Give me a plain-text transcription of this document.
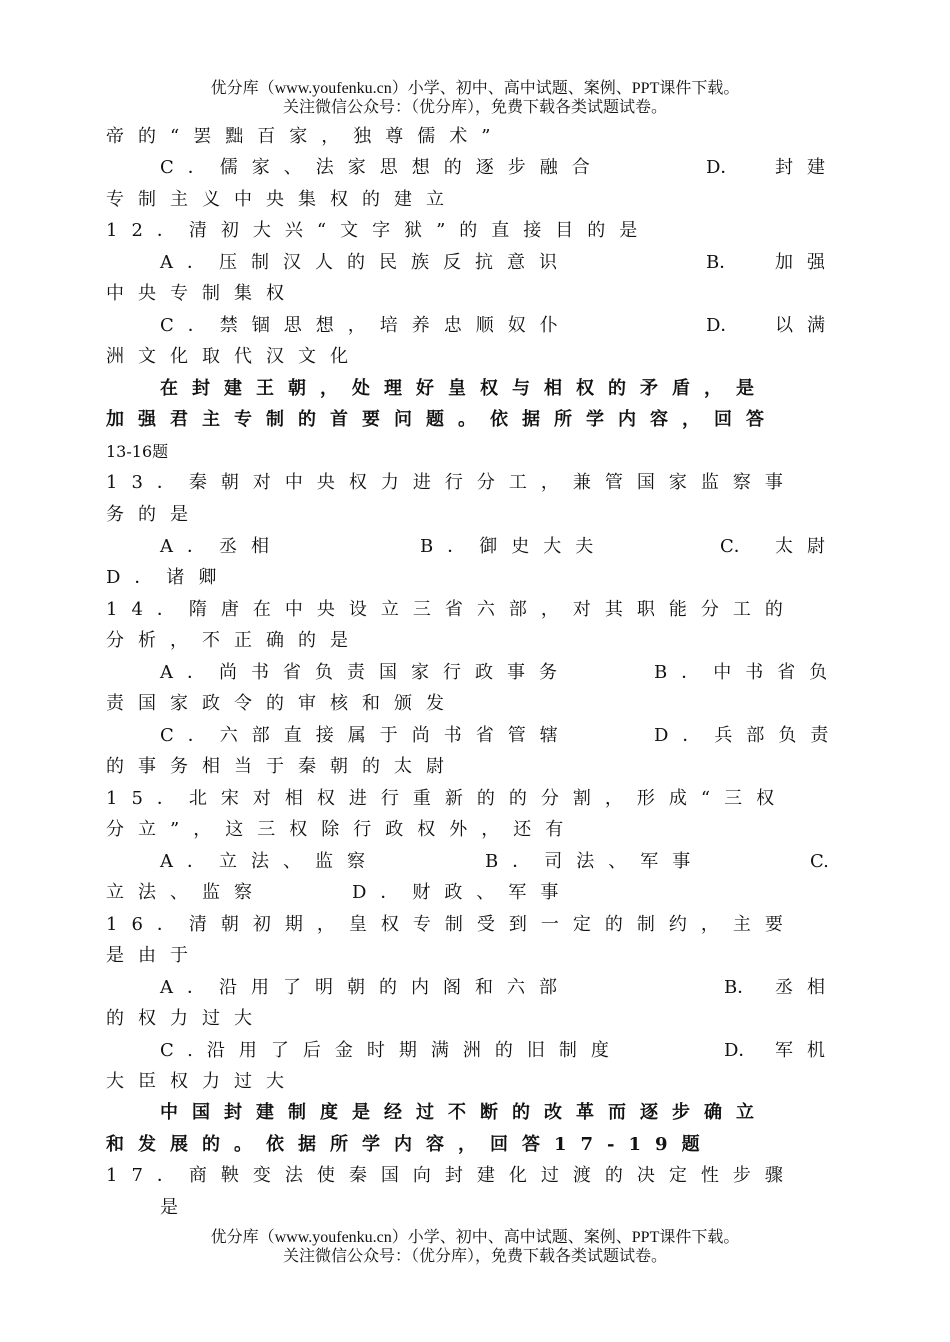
优分库（www.youfenku.cn）小学、初中、高中试题、案例、PPT课件下载。
关注微信公众号：（优分库），免费下载各类试题试卷。
帝的“罢黜百家，独尊儒术”
C．儒家、法家思想的逐步融合	D． 封建
专制主义中央集权的建立
12．清初大兴“文字狱”的直接目的是
A．压制汉人的民族反抗意识	B． 加强
中央专制集权
C．禁锢思想，培养忠顺奴仆	D． 以满
洲文化取代汉文化
在封建王朝，处理好皇权与相权的矛盾，是
加强君主专制的首要问题。依据所学内容，回答
13-16题
13．秦朝对中央权力进行分工，兼管国家监察事
务的是
A．丞相	B．御史大夫	C． 太尉
D．诸卿
14．隋唐在中央设立三省六部，对其职能分工的
分析，不正确的是
A．尚书省负责国家行政事务	B．中书省负
责国家政令的审核和颁发
C．六部直接属于尚书省管辖	D．兵部负责
的事务相当于秦朝的太尉
15．北宋对相权进行重新的的分割，形成“三权
分立”，这三权除行政权外，还有
A．立法、监察	B．司法、军事	C.
立法、监察	D．财政、军事
16．清朝初期，皇权专制受到一定的制约，主要
是由于
A．沿用了明朝的内阁和六部	B． 丞相
的权力过大
C.沿用了后金时期满洲的旧制度	D． 军机
大臣权力过大
中国封建制度是经过不断的改革而逐步确立
和发展的。依据所学内容，回答17-19题
17．商鞅变法使秦国向封建化过渡的决定性步骤
是
优分库（www.youfenku.cn）小学、初中、高中试题、案例、PPT课件下载。
关注微信公众号：（优分库），免费下载各类试题试卷。
